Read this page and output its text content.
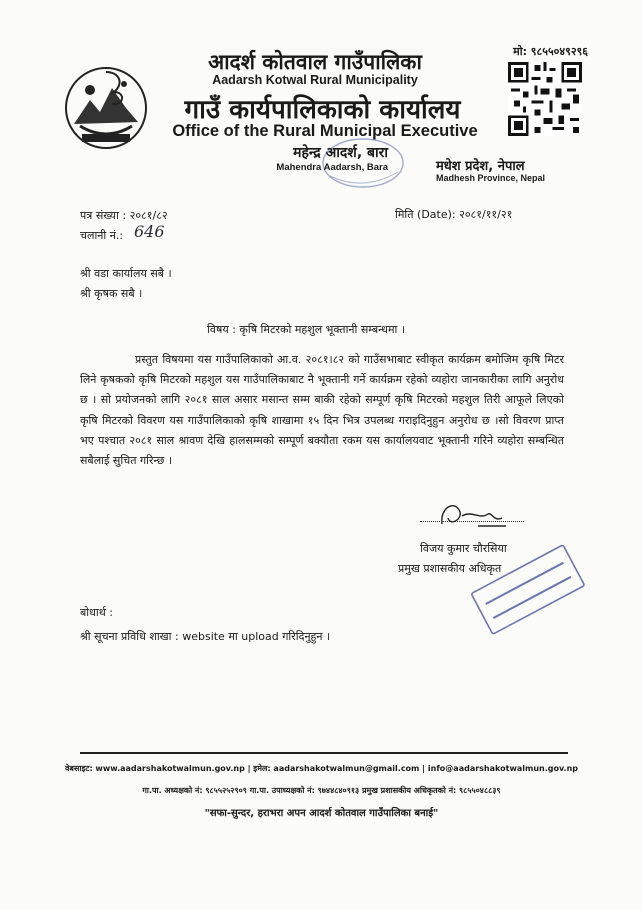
आदर्श कोतवाल गाउँपालिका
Aadarsh Kotwal Rural Municipality
गाउँ कार्यपालिकाको कार्यालय
Office of the Rural Municipal Executive
महेन्द्र आदर्श, बारा
Mahendra Aadarsh, Bara
मो: ९८५५०४९२९६
मधेश प्रदेश, नेपाल
Madhesh Province, Nepal
पत्र संख्या : २०८१/८२
चलानी नं.: 646
मिति (Date): २०८१/११/२१
श्री वडा कार्यालय सबै ।
श्री कृषक सबै ।
विषय : कृषि मिटरको महशुल भूक्तानी सम्बन्धमा ।
प्रस्तुत विषयमा यस गाउँपालिकाको आ.व. २०८१।८२ को गाउँसभाबाट स्वीकृत कार्यक्रम बमोजिम कृषि मिटर लिने कृषकको कृषि मिटरको महशुल यस गाउँपालिकाबाट नै भूक्तानी गर्ने कार्यक्रम रहेको व्यहोरा जानकारीका लागि अनुरोध छ । सो प्रयोजनको लागि २०८१ साल असार मसान्त सम्म बाकी रहेको सम्पूर्ण कृषि मिटरको महशुल तिरी आफूले लिएको कृषि मिटरको विवरण यस गाउँपालिकाको कृषि शाखामा १५ दिन भित्र उपलब्ध गराइदिनुहुन अनुरोध छ ।सो विवरण प्राप्त भए पश्चात २०८१ साल श्रावण देखि हालसम्मको सम्पूर्ण बक्यौता रकम यस कार्यालयवाट भूक्तानी गरिने व्यहोरा सम्बन्धित सबैलाई सुचित गरिन्छ ।
विजय कुमार चौरसिया
प्रमुख प्रशासकीय अधिकृत
बोधार्थ :
श्री सूचना प्रविधि शाखा : website मा upload गरिदिनुहुन ।
वेबसाइट: www.aadarshakotwalmun.gov.np | इमेल: aadarshakotwalmun@gmail.com | info@aadarshakotwalmun.gov.np
गा.पा. अध्यक्षको नं: ९८५५२५२९०९ गा.पा. उपाध्यक्षको नं: ९७४४८४०९१३ प्रमुख प्रशासकीय अधिकृतको नं: ९८५५०४८८३९
"सफा-सुन्दर, हराभरा अपन आदर्श कोतवाल गाउँपालिका बनाई"
